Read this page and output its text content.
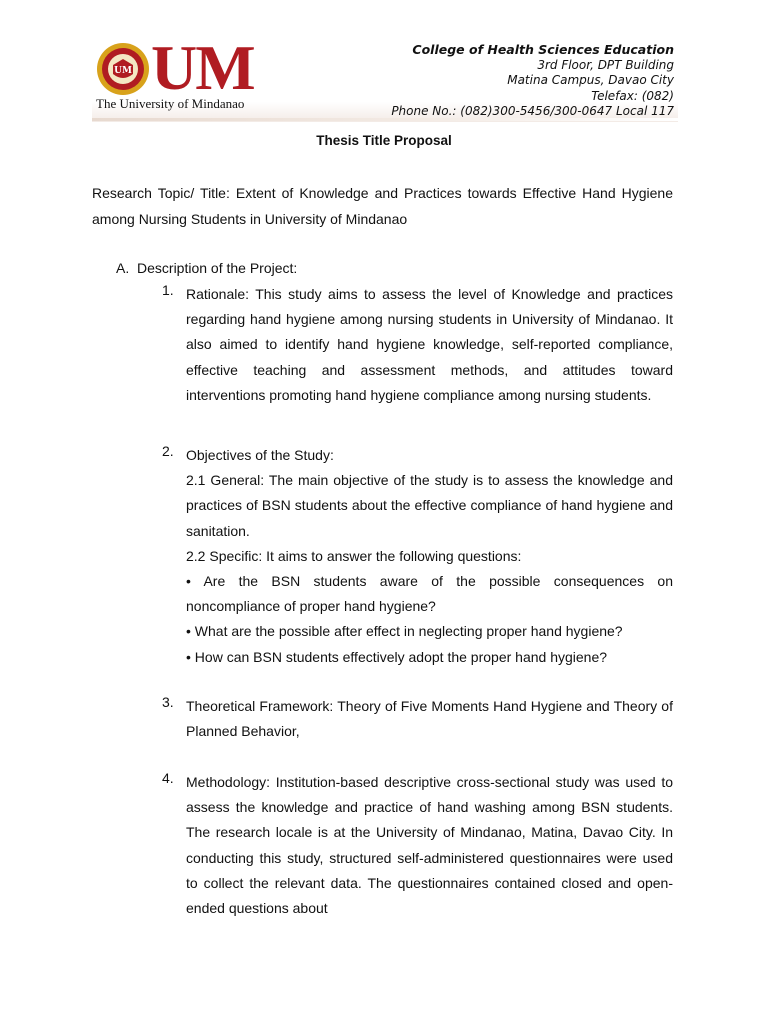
UM UM
The University of Mindanao
College of Health Sciences Education
3rd Floor, DPT Building
Matina Campus, Davao City
Telefax: (082)
Phone No.: (082)300-5456/300-0647 Local 117
Thesis Title Proposal
Research Topic/ Title: Extent of Knowledge and Practices towards Effective Hand Hygiene among Nursing Students in University of Mindanao
A.  Description of the Project:
1. Rationale: This study aims to assess the level of Knowledge and practices regarding hand hygiene among nursing students in University of Mindanao. It also aimed to identify hand hygiene knowledge, self-reported compliance, effective teaching and assessment methods, and attitudes toward interventions promoting hand hygiene compliance among nursing students.
2. Objectives of the Study:
2.1 General: The main objective of the study is to assess the knowledge and practices of BSN students about the effective compliance of hand hygiene and sanitation.
2.2 Specific: It aims to answer the following questions:
• Are the BSN students aware of the possible consequences on noncompliance of proper hand hygiene?
• What are the possible after effect in neglecting proper hand hygiene?
• How can BSN students effectively adopt the proper hand hygiene?
3. Theoretical Framework: Theory of Five Moments Hand Hygiene and Theory of Planned Behavior,
4. Methodology: Institution-based descriptive cross-sectional study was used to assess the knowledge and practice of hand washing among BSN students. The research locale is at the University of Mindanao, Matina, Davao City. In conducting this study, structured self-administered questionnaires were used to collect the relevant data. The questionnaires contained closed and open-ended questions about
